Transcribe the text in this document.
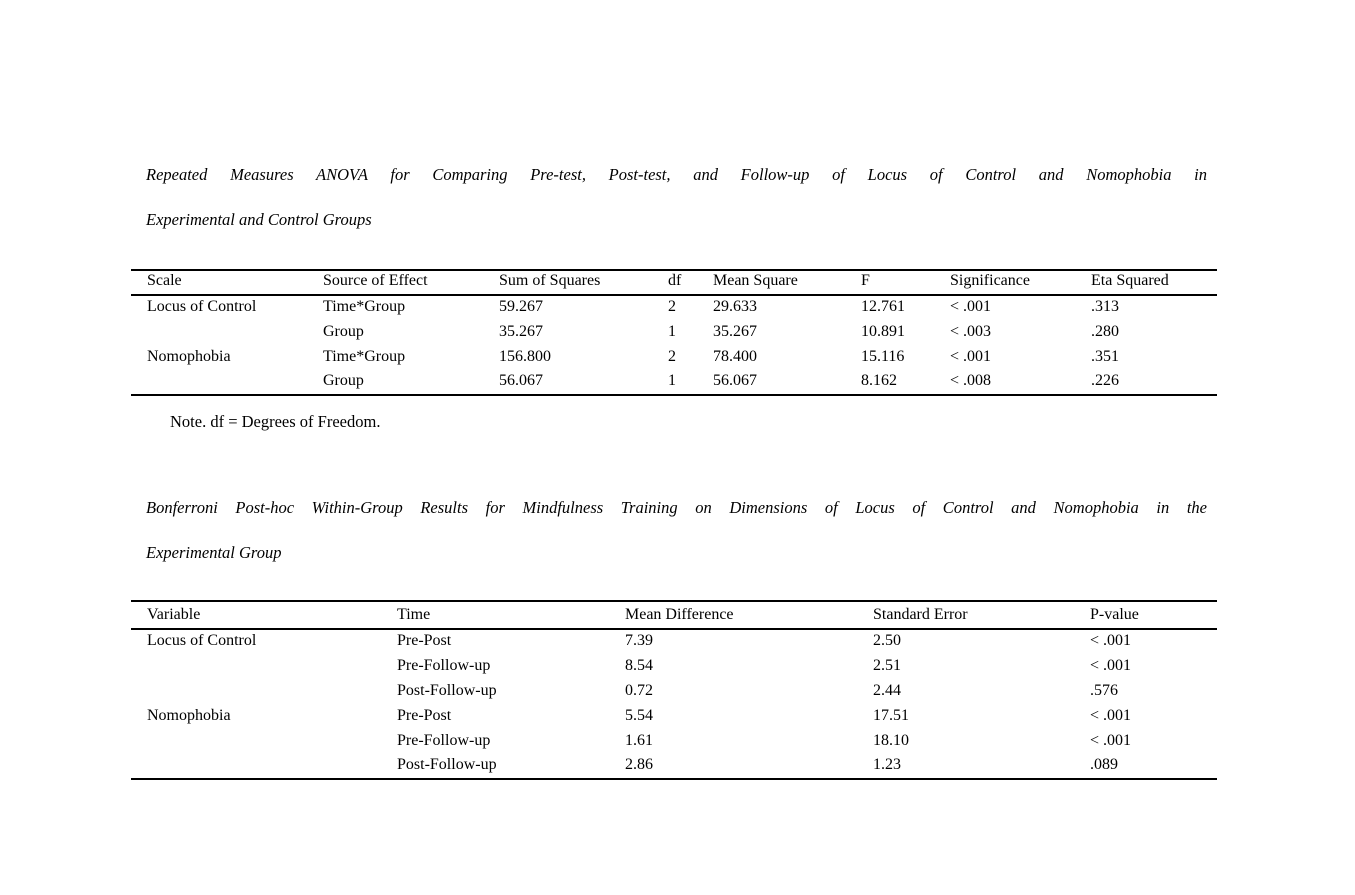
Repeated Measures ANOVA for Comparing Pre-test, Post-test, and Follow-up of Locus of Control and Nomophobia in
Experimental and Control Groups
Scale	Source of Effect	Sum of Squares	df	Mean Square	F	Significance	Eta Squared
Locus of Control	Time*Group	59.267	2	29.633	12.761	< .001	.313
	Group	35.267	1	35.267	10.891	< .003	.280
Nomophobia	Time*Group	156.800	2	78.400	15.116	< .001	.351
	Group	56.067	1	56.067	8.162	< .008	.226
Note. df = Degrees of Freedom.
Bonferroni Post-hoc Within-Group Results for Mindfulness Training on Dimensions of Locus of Control and Nomophobia in the
Experimental Group
Variable	Time	Mean Difference	Standard Error	P-value
Locus of Control	Pre-Post	7.39	2.50	< .001
	Pre-Follow-up	8.54	2.51	< .001
	Post-Follow-up	0.72	2.44	.576
Nomophobia	Pre-Post	5.54	17.51	< .001
	Pre-Follow-up	1.61	18.10	< .001
	Post-Follow-up	2.86	1.23	.089
